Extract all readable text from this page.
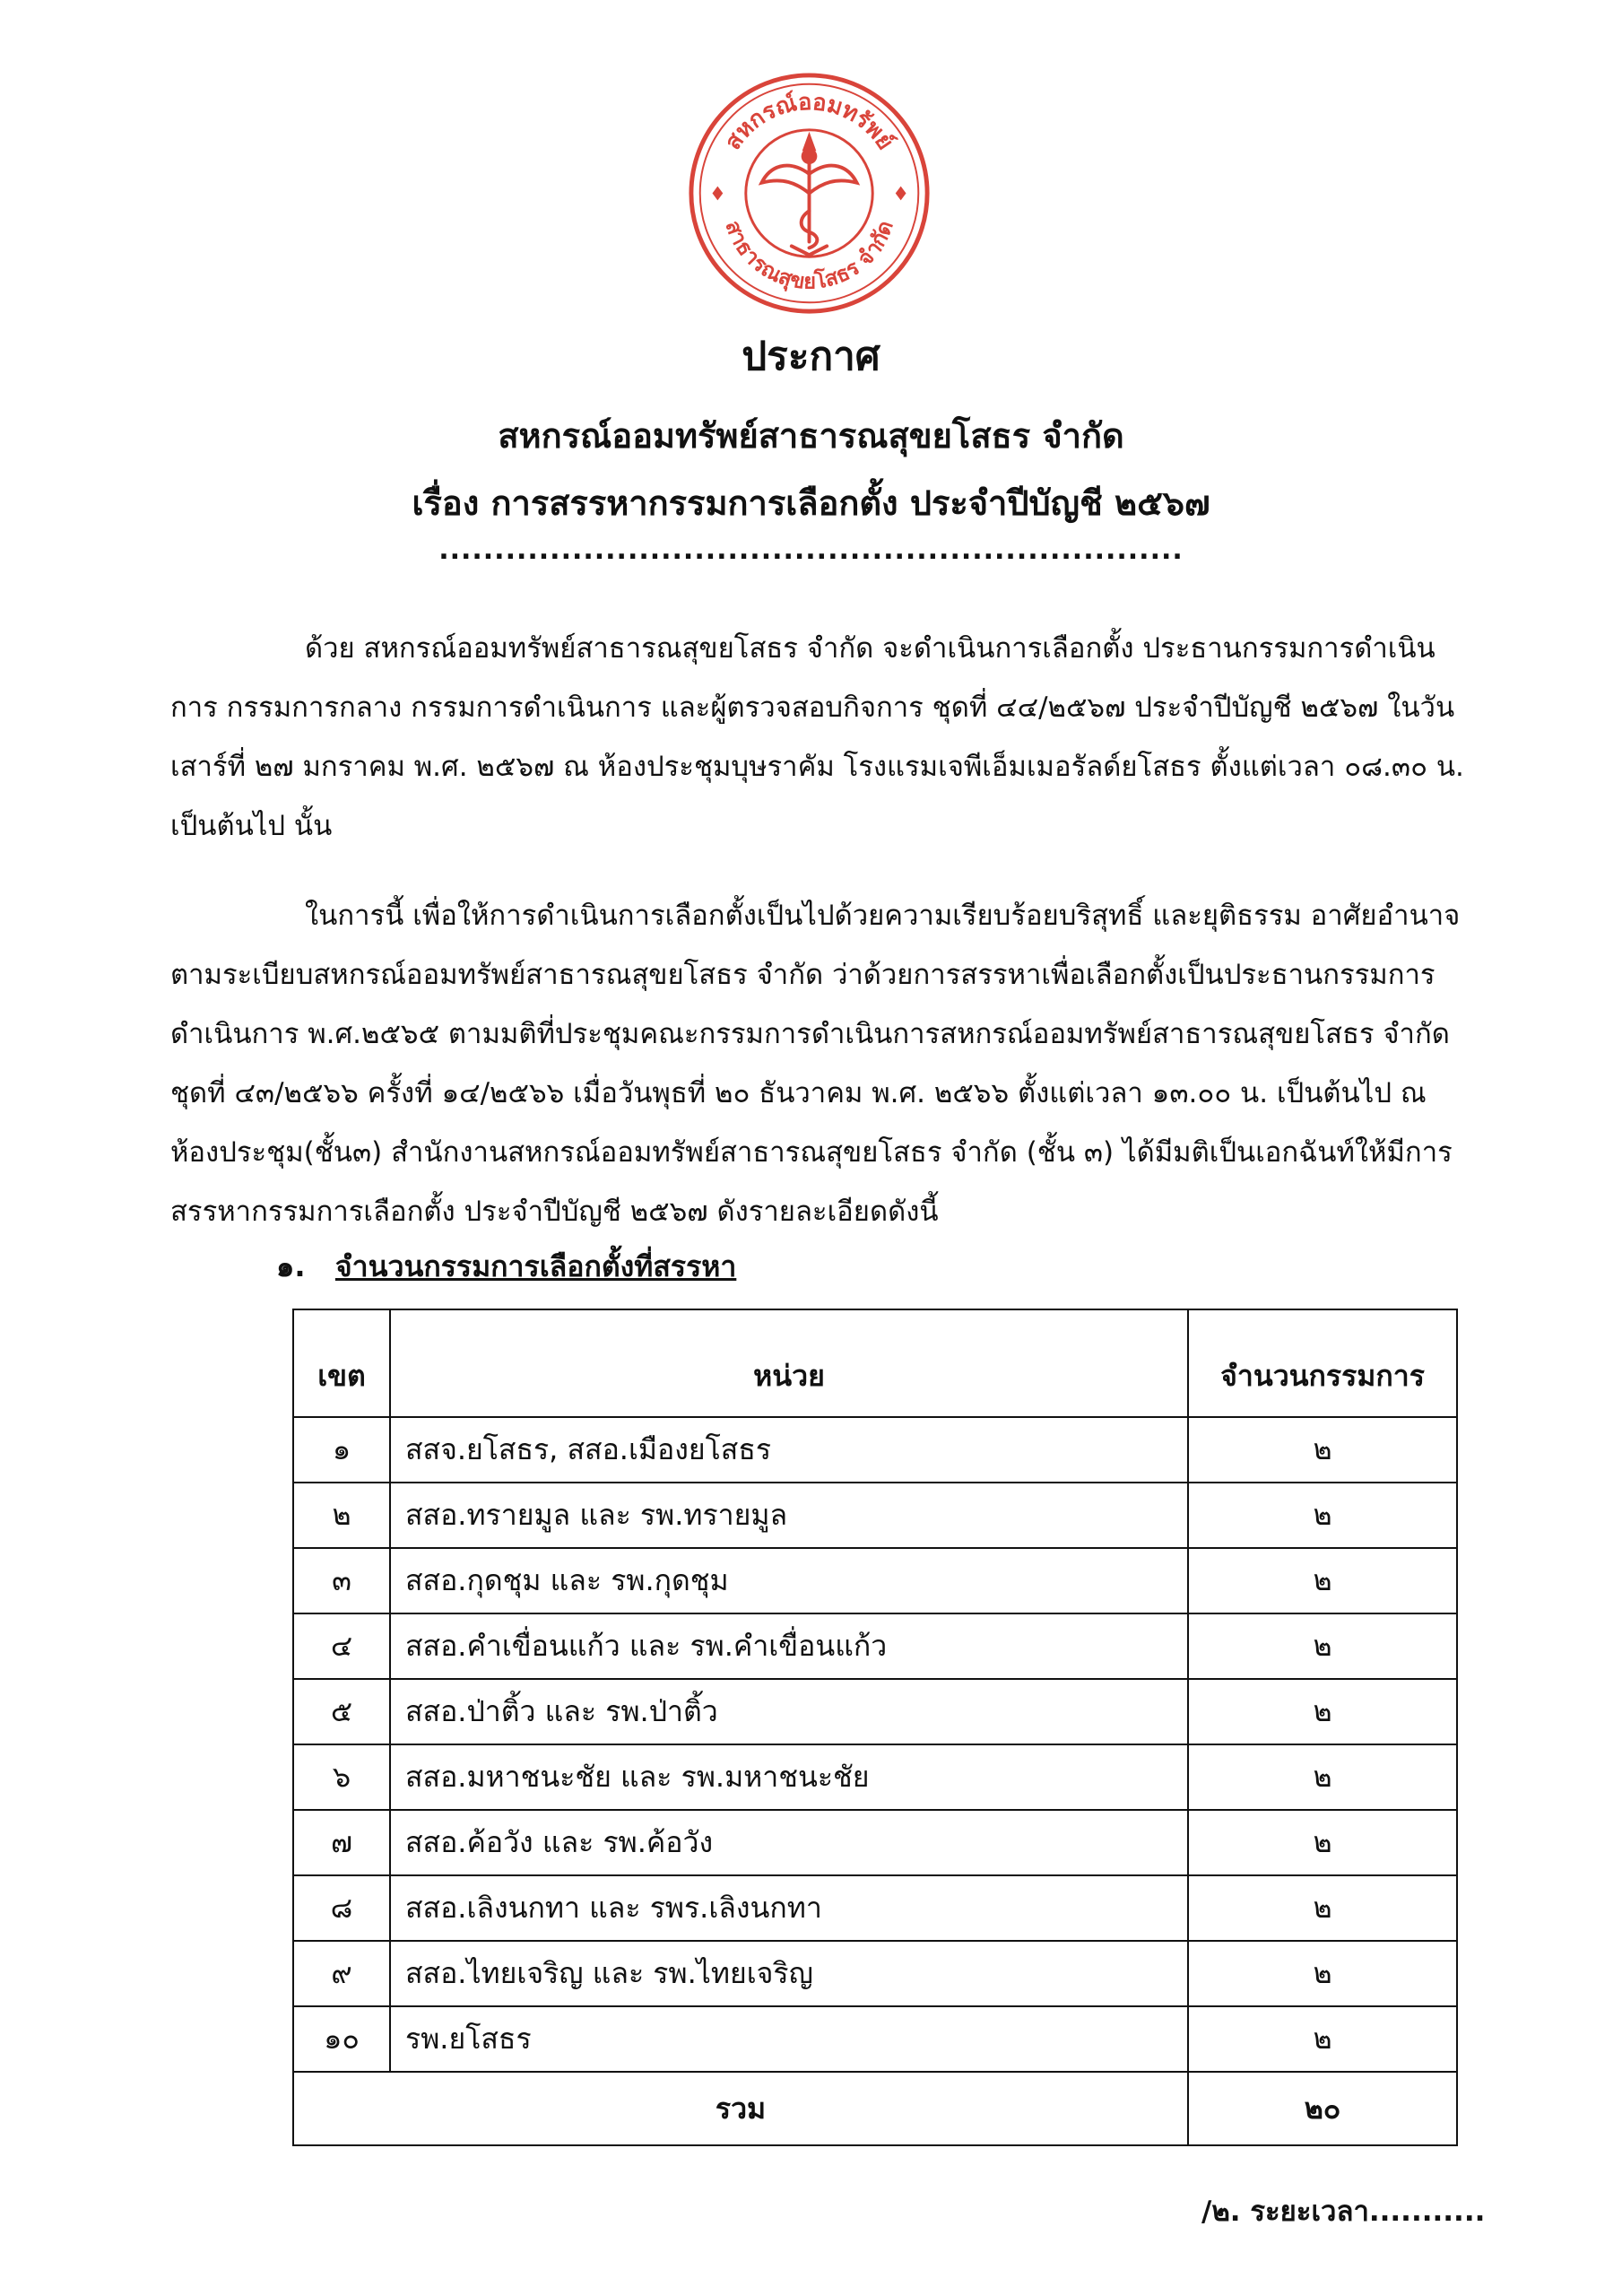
สหกรณ์ออมทรัพย์
สาธารณสุขยโสธร จำกัด
ประกาศ
สหกรณ์ออมทรัพย์สาธารณสุขยโสธร จำกัด
เรื่อง การสรรหากรรมการเลือกตั้ง ประจำปีบัญชี ๒๕๖๗
...................................................................
ด้วย สหกรณ์ออมทรัพย์สาธารณสุขยโสธร จำกัด จะดำเนินการเลือกตั้ง ประธานกรรมการดำเนินการ กรรมการกลาง กรรมการดำเนินการ และผู้ตรวจสอบกิจการ ชุดที่ ๔๔/๒๕๖๗ ประจำปีบัญชี ๒๕๖๗ ในวันเสาร์ที่ ๒๗ มกราคม พ.ศ. ๒๕๖๗ ณ ห้องประชุมบุษราคัม โรงแรมเจพีเอ็มเมอรัลด์ยโสธร ตั้งแต่เวลา ๐๘.๓๐ น. เป็นต้นไป นั้น
ในการนี้ เพื่อให้การดำเนินการเลือกตั้งเป็นไปด้วยความเรียบร้อยบริสุทธิ์ และยุติธรรม อาศัยอำนาจตามระเบียบสหกรณ์ออมทรัพย์สาธารณสุขยโสธร จำกัด ว่าด้วยการสรรหาเพื่อเลือกตั้งเป็นประธานกรรมการ ดำเนินการ พ.ศ.๒๕๖๕ ตามมติที่ประชุมคณะกรรมการดำเนินการสหกรณ์ออมทรัพย์สาธารณสุขยโสธร จำกัด ชุดที่ ๔๓/๒๕๖๖ ครั้งที่ ๑๔/๒๕๖๖ เมื่อวันพุธที่ ๒๐ ธันวาคม พ.ศ. ๒๕๖๖ ตั้งแต่เวลา ๑๓.๐๐ น. เป็นต้นไป ณ ห้องประชุม(ชั้น๓) สำนักงานสหกรณ์ออมทรัพย์สาธารณสุขยโสธร จำกัด (ชั้น ๓) ได้มีมติเป็นเอกฉันท์ให้มีการสรรหากรรมการเลือกตั้ง ประจำปีบัญชี ๒๕๖๗ ดังรายละเอียดดังนี้
๑. จำนวนกรรมการเลือกตั้งที่สรรหา
เขต	หน่วย	จำนวนกรรมการ
๑	สสจ.ยโสธร, สสอ.เมืองยโสธร	๒
๒	สสอ.ทรายมูล และ รพ.ทรายมูล	๒
๓	สสอ.กุดชุม และ รพ.กุดชุม	๒
๔	สสอ.คำเขื่อนแก้ว และ รพ.คำเขื่อนแก้ว	๒
๕	สสอ.ป่าติ้ว และ รพ.ป่าติ้ว	๒
๖	สสอ.มหาชนะชัย และ รพ.มหาชนะชัย	๒
๗	สสอ.ค้อวัง และ รพ.ค้อวัง	๒
๘	สสอ.เลิงนกทา และ รพร.เลิงนกทา	๒
๙	สสอ.ไทยเจริญ และ รพ.ไทยเจริญ	๒
๑๐	รพ.ยโสธร	๒
รวม		๒๐
/๒. ระยะเวลา...........
